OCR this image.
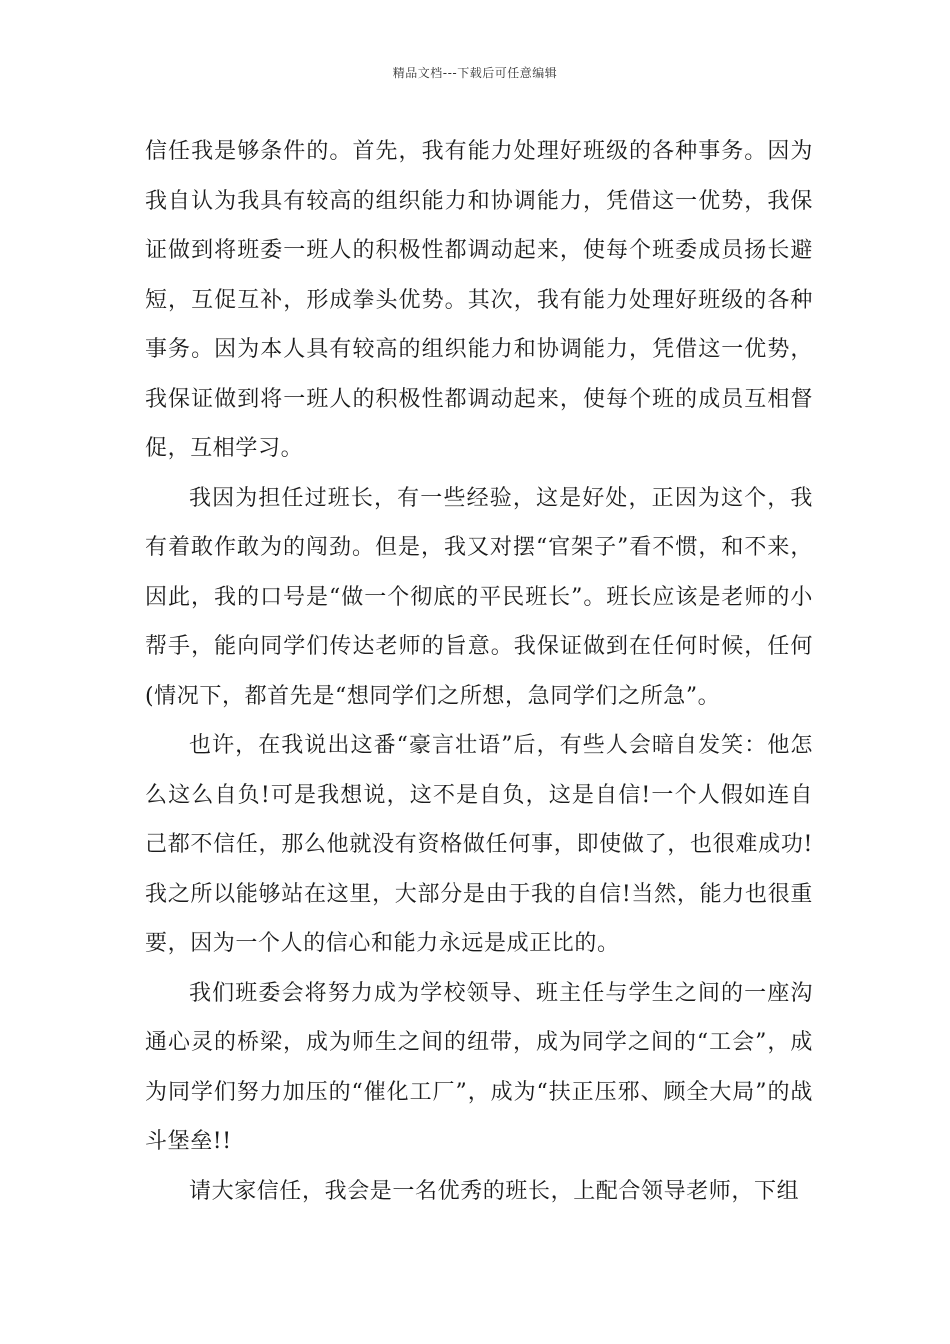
精品文档---下载后可任意编辑

信任我是够条件的。首先，我有能力处理好班级的各种事务。因为我自认为我具有较高的组织能力和协调能力，凭借这一优势，我保证做到将班委一班人的积极性都调动起来，使每个班委成员扬长避短，互促互补，形成拳头优势。其次，我有能力处理好班级的各种事务。因为本人具有较高的组织能力和协调能力，凭借这一优势，我保证做到将一班人的积极性都调动起来，使每个班的成员互相督促，互相学习。

我因为担任过班长，有一些经验，这是好处，正因为这个，我有着敢作敢为的闯劲。但是，我又对摆“官架子”看不惯，和不来，因此，我的口号是“做一个彻底的平民班长”。班长应该是老师的小帮手，能向同学们传达老师的旨意。我保证做到在任何时候，任何(情况下，都首先是“想同学们之所想，急同学们之所急”。

也许，在我说出这番“豪言壮语”后，有些人会暗自发笑：他怎么这么自负!可是我想说，这不是自负，这是自信!一个人假如连自己都不信任，那么他就没有资格做任何事，即使做了，也很难成功!我之所以能够站在这里，大部分是由于我的自信!当然，能力也很重要，因为一个人的信心和能力永远是成正比的。

我们班委会将努力成为学校领导、班主任与学生之间的一座沟通心灵的桥梁，成为师生之间的纽带，成为同学之间的“工会”，成为同学们努力加压的“催化工厂”，成为“扶正压邪、顾全大局”的战斗堡垒!!

请大家信任，我会是一名优秀的班长，上配合领导老师，下组
